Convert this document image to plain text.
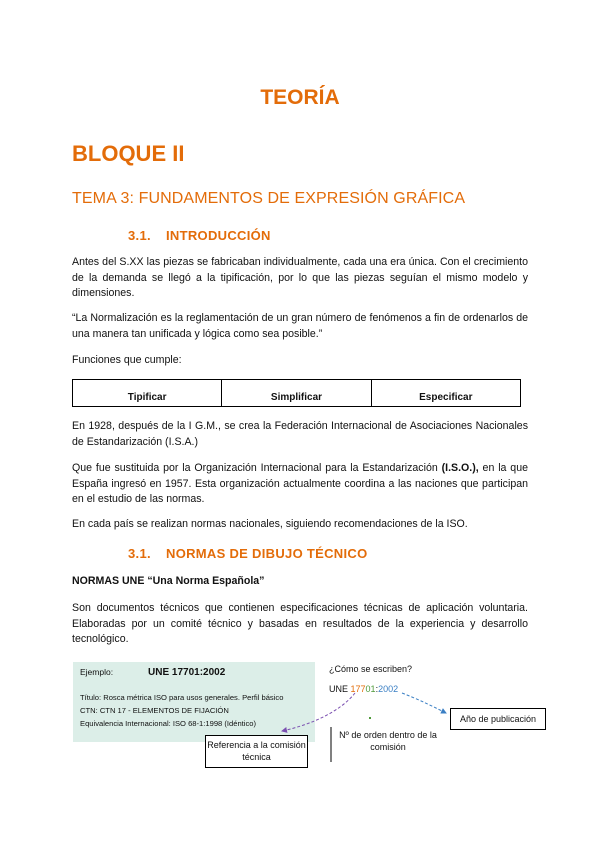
TEORÍA
BLOQUE II
TEMA 3: FUNDAMENTOS DE EXPRESIÓN GRÁFICA
3.1. INTRODUCCIÓN
Antes del S.XX las piezas se fabricaban individualmente, cada una era única. Con el crecimiento de la demanda se llegó a la tipificación, por lo que las piezas seguían el mismo modelo y dimensiones.
“La Normalización es la reglamentación de un gran número de fenómenos a fin de ordenarlos de una manera tan unificada y lógica como sea posible.”
Funciones que cumple:
Tipificar	Simplificar	Especificar
En 1928, después de la I G.M., se crea la Federación Internacional de Asociaciones Nacionales de Estandarización (I.S.A.)
Que fue sustituida por la Organización Internacional para la Estandarización (I.S.O.), en la que España ingresó en 1957. Esta organización actualmente coordina a las naciones que participan en el estudio de las normas.
En cada país se realizan normas nacionales, siguiendo recomendaciones de la ISO.
3.1. NORMAS DE DIBUJO TÉCNICO
NORMAS UNE “Una Norma Española”
Son documentos técnicos que contienen especificaciones técnicas de aplicación voluntaria. Elaboradas por un comité técnico y basadas en resultados de la experiencia y desarrollo tecnológico.
Ejemplo:	UNE 17701:2002
Título: Rosca métrica ISO para usos generales. Perfil básico
CTN: CTN 17 - ELEMENTOS DE FIJACIÓN
Equivalencia Internacional: ISO 68-1:1998 (Idéntico)
¿Cómo se escriben?
UNE 17701:2002
Año de publicación
Referencia a la comisión técnica
Nº de orden dentro de la comisión
